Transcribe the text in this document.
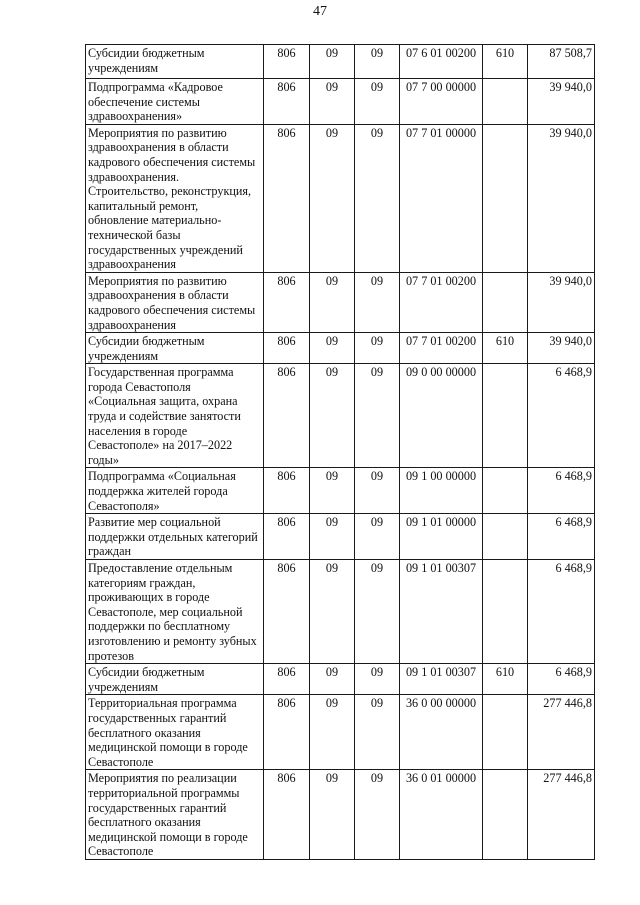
47
Субсидии бюджетным учреждениям	806	09	09	07 6 01 00200	610	87 508,7
Подпрограмма «Кадровое обеспечение системы здравоохранения»	806	09	09	07 7 00 00000		39 940,0
Мероприятия по развитию здравоохранения в области кадрового обеспечения системы здравоохранения. Строительство, реконструкция, капитальный ремонт, обновление материально-технической базы государственных учреждений здравоохранения	806	09	09	07 7 01 00000		39 940,0
Мероприятия по развитию здравоохранения в области кадрового обеспечения системы здравоохранения	806	09	09	07 7 01 00200		39 940,0
Субсидии бюджетным учреждениям	806	09	09	07 7 01 00200	610	39 940,0
Государственная программа города Севастополя «Социальная защита, охрана труда и содействие занятости населения в городе Севастополе» на 2017–2022 годы»	806	09	09	09 0 00 00000		6 468,9
Подпрограмма «Социальная поддержка жителей города Севастополя»	806	09	09	09 1 00 00000		6 468,9
Развитие мер социальной поддержки отдельных категорий граждан	806	09	09	09 1 01 00000		6 468,9
Предоставление отдельным категориям граждан, проживающих в городе Севастополе, мер социальной поддержки по бесплатному изготовлению и ремонту зубных протезов	806	09	09	09 1 01 00307		6 468,9
Субсидии бюджетным учреждениям	806	09	09	09 1 01 00307	610	6 468,9
Территориальная программа государственных гарантий бесплатного оказания медицинской помощи в городе Севастополе	806	09	09	36 0 00 00000		277 446,8
Мероприятия по реализации территориальной программы государственных гарантий бесплатного оказания медицинской помощи в городе Севастополе	806	09	09	36 0 01 00000		277 446,8
